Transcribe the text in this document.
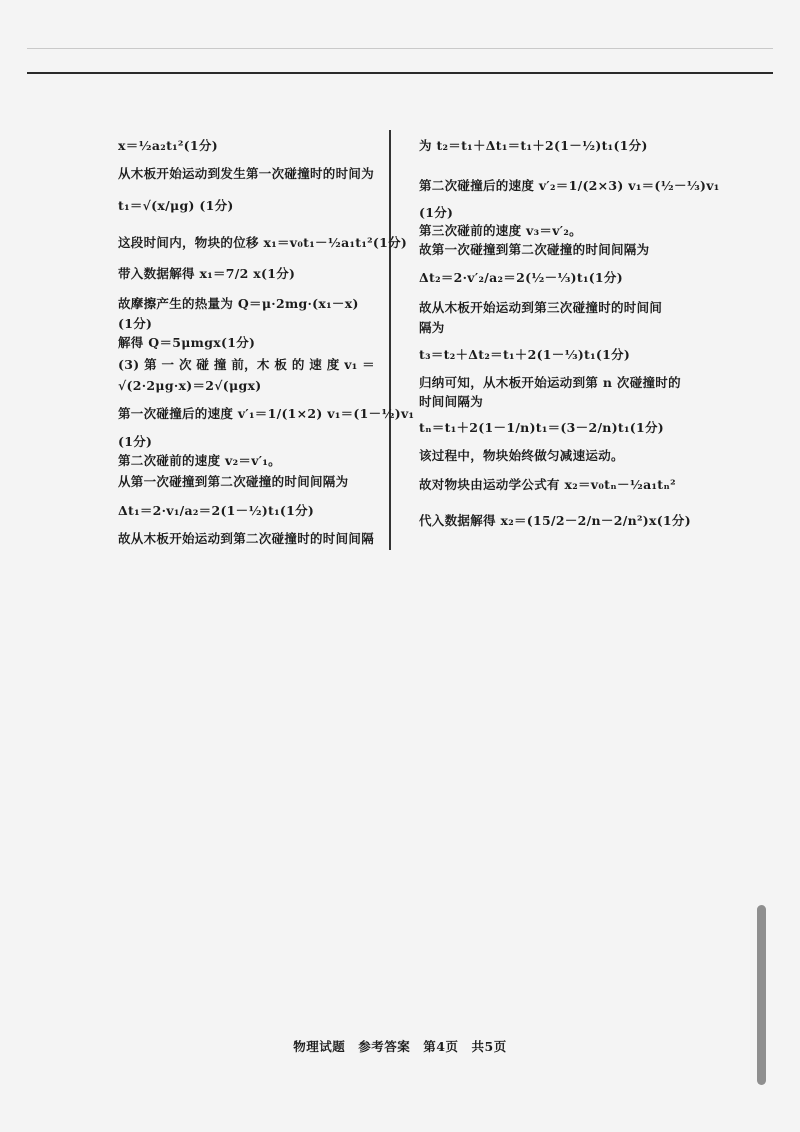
x＝½a₂t₁²(1分)
从木板开始运动到发生第一次碰撞时的时间为
t₁＝√(x/μg) (1分)
这段时间内，物块的位移 x₁＝v₀t₁－½a₁t₁²(1分)
带入数据解得 x₁＝7/2 x(1分)
故摩擦产生的热量为 Q＝μ·2mg·(x₁－x)
(1分)
解得 Q＝5μmgx(1分)
(3) 第 一 次 碰 撞 前，木 板 的 速 度 v₁ ＝
√(2·2μg·x)＝2√(μgx)
第一次碰撞后的速度 v′₁＝1/(1×2) v₁＝(1－½)v₁
(1分)
第二次碰前的速度 v₂＝v′₁。
从第一次碰撞到第二次碰撞的时间间隔为
Δt₁＝2·v₁/a₂＝2(1－½)t₁(1分)
故从木板开始运动到第二次碰撞时的时间间隔
为 t₂＝t₁＋Δt₁＝t₁＋2(1－½)t₁(1分)
第二次碰撞后的速度 v′₂＝1/(2×3) v₁＝(½－⅓)v₁
(1分)
第三次碰前的速度 v₃＝v′₂。
故第一次碰撞到第二次碰撞的时间间隔为
Δt₂＝2·v′₂/a₂＝2(½－⅓)t₁(1分)
故从木板开始运动到第三次碰撞时的时间间
隔为
t₃＝t₂＋Δt₂＝t₁＋2(1－⅓)t₁(1分)
归纳可知，从木板开始运动到第 n 次碰撞时的
时间间隔为
tₙ＝t₁＋2(1－1/n)t₁＝(3－2/n)t₁(1分)
该过程中，物块始终做匀减速运动。
故对物块由运动学公式有 x₂＝v₀tₙ－½a₁tₙ²
代入数据解得 x₂＝(15/2－2/n－2/n²)x(1分)
物理试题　参考答案　第4页　共5页
